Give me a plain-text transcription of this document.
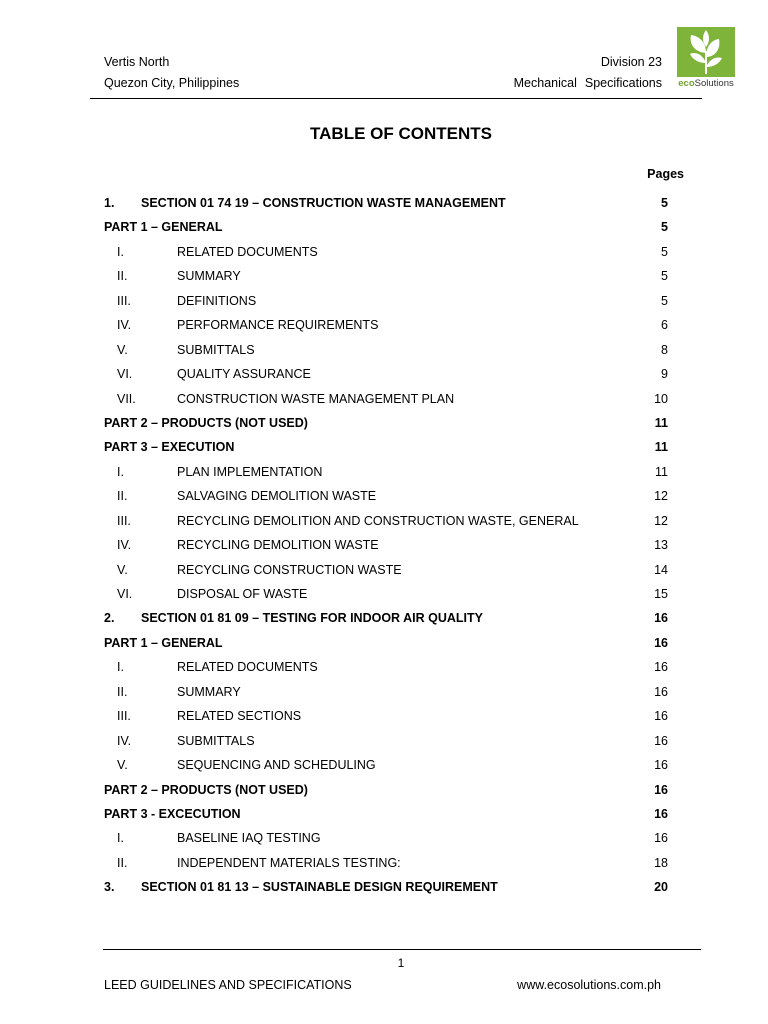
Vertis North
Quezon City, Philippines
Division 23
Mechanical Specifications	ecoSolutions
TABLE OF CONTENTS
Pages
1. SECTION 01 74 19 – CONSTRUCTION WASTE MANAGEMENT	5
PART 1 – GENERAL	5
I.	RELATED DOCUMENTS	5
II.	SUMMARY	5
III.	DEFINITIONS	5
IV.	PERFORMANCE REQUIREMENTS	6
V.	SUBMITTALS	8
VI.	QUALITY ASSURANCE	9
VII.	CONSTRUCTION WASTE MANAGEMENT PLAN	10
PART 2 – PRODUCTS (NOT USED)	11
PART 3 – EXECUTION	11
I.	PLAN IMPLEMENTATION	11
II.	SALVAGING DEMOLITION WASTE	12
III.	RECYCLING DEMOLITION AND CONSTRUCTION WASTE, GENERAL	12
IV.	RECYCLING DEMOLITION WASTE	13
V.	RECYCLING CONSTRUCTION WASTE	14
VI.	DISPOSAL OF WASTE	15
2. SECTION 01 81 09 – TESTING FOR INDOOR AIR QUALITY	16
PART 1 – GENERAL	16
I.	RELATED DOCUMENTS	16
II.	SUMMARY	16
III.	RELATED SECTIONS	16
IV.	SUBMITTALS	16
V.	SEQUENCING AND SCHEDULING	16
PART 2 – PRODUCTS (NOT USED)	16
PART 3 - EXCECUTION	16
I.	BASELINE IAQ TESTING	16
II.	INDEPENDENT MATERIALS TESTING:	18
3. SECTION 01 81 13 – SUSTAINABLE DESIGN REQUIREMENT	20
1
LEED GUIDELINES AND SPECIFICATIONS	www.ecosolutions.com.ph
